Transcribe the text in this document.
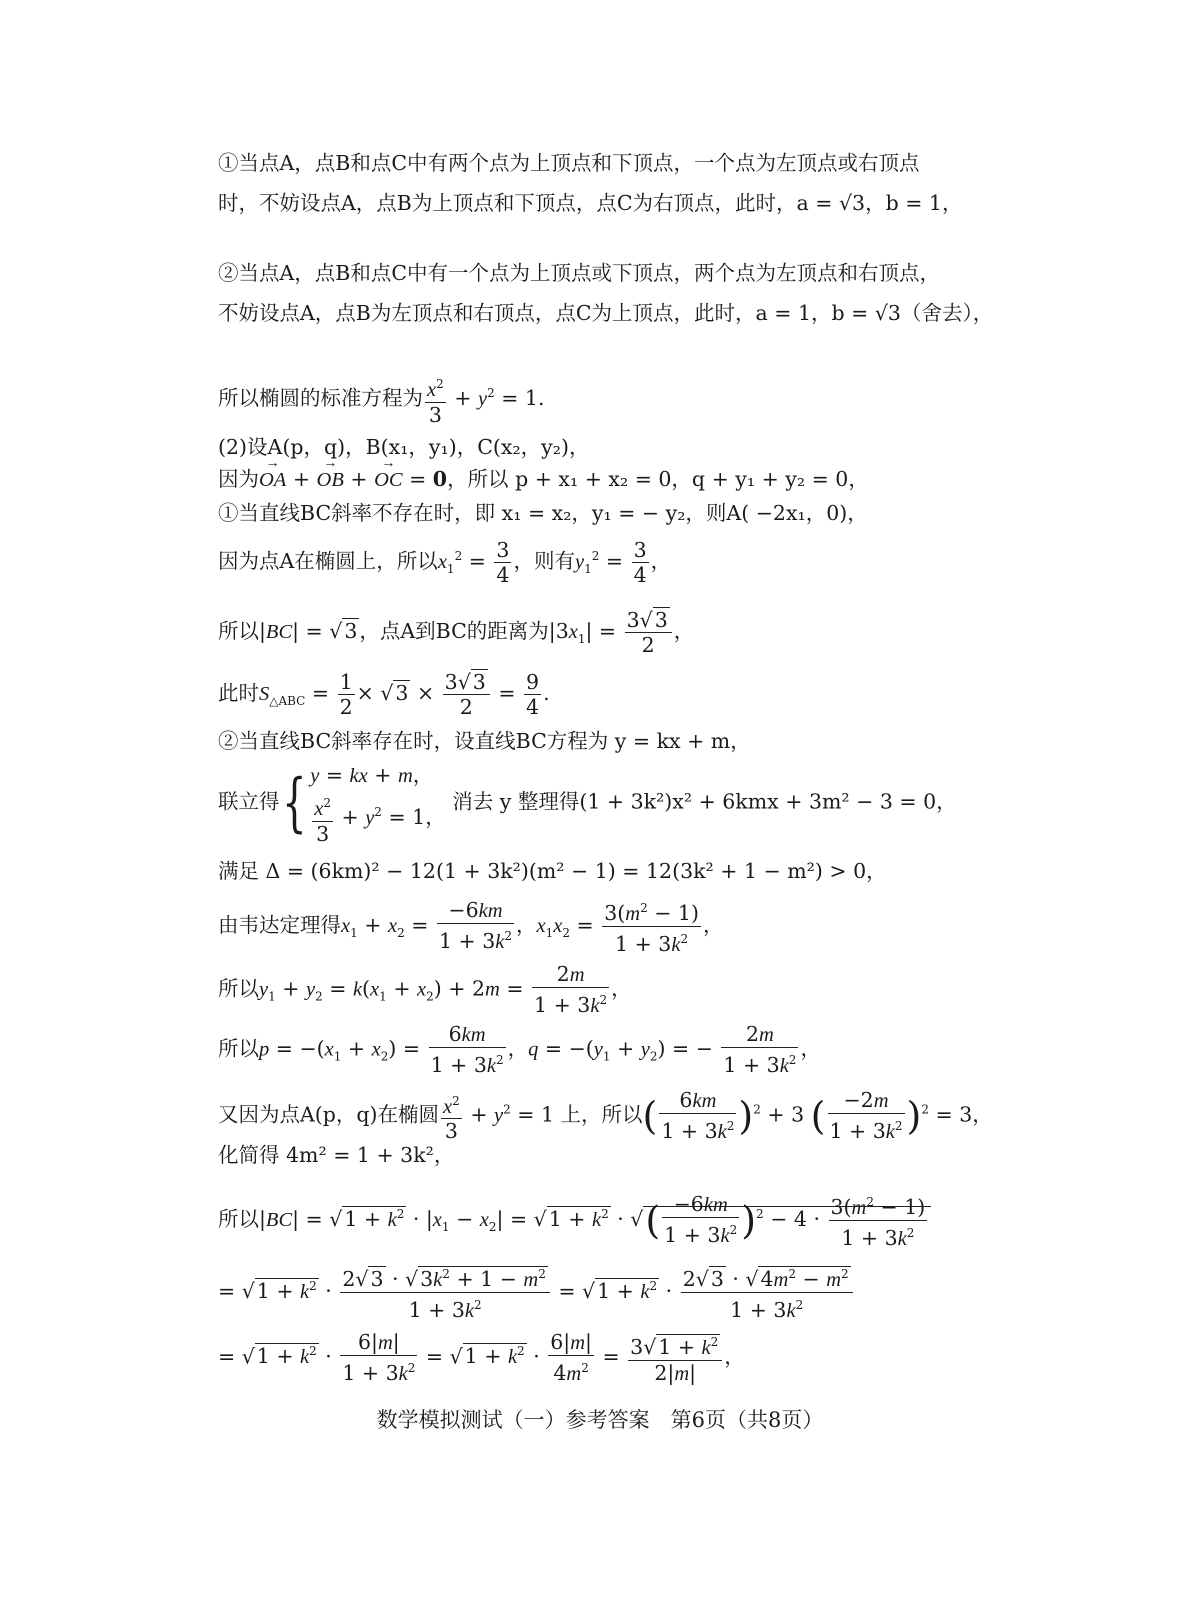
①当点A，点B和点C中有两个点为上顶点和下顶点，一个点为左顶点或右顶点
时，不妨设点A，点B为上顶点和下顶点，点C为右顶点，此时，a = √3，b = 1，
②当点A，点B和点C中有一个点为上顶点或下顶点，两个点为左顶点和右顶点，
不妨设点A，点B为左顶点和右顶点，点C为上顶点，此时，a = 1，b = √3（舍去），
所以椭圆的标准方程为 $\frac{x^2}{3} + y^2 = 1$.
(2)设A(p，q)，B(x₁，y₁)，C(x₂，y₂)，
因为→ OA + → OB + → OC = 0，所以 p + x₁ + x₂ = 0，q + y₁ + y₂ = 0，
①当直线BC斜率不存在时，即 x₁ = x₂，y₁ = − y₂，则A( −2x₁，0)，
因为点A在椭圆上，所以$x_1^2 = \frac{3}{4}$ ，则有$y_1^2 = \frac{3}{4}$ ，
所以|BC| = √3，点A到BC的距离为$|3x_1| = \frac{3√3}{2}$ ，
此时$S_{\triangle ABC} = \frac{1}{2} \times √3 \times \frac{3√3}{2} = \frac{9}{4}$ .
②当直线BC斜率存在时，设直线BC方程为 y = kx + m，
联立得{ y = kx + m，
$\frac{x^2}{3} + y^2 = 1$，
消去 y 整理得(1 + 3k²)x² + 6kmx + 3m² − 3 = 0，
满足 Δ = (6km)² − 12(1 + 3k²)(m² − 1) = 12(3k² + 1 − m²) > 0，
由韦达定理得$x_1 + x_2 = \frac{-6km}{1 + 3k^2}$ ，$x_1x_2 = \frac{3(m^2 - 1)}{1 + 3k^2}$ ，
所以$y_1 + y_2 = k(x_1 + x_2) + 2m = \frac{2m}{1 + 3k^2}$ ，
所以$p = -(x_1 + x_2) = \frac{6km}{1 + 3k^2}$ ，$q = -(y_1 + y_2)$ = − $\frac{2m}{1 + 3k^2}$ ，
又因为点A(p，q)在椭圆 $\frac{x^2}{3} + y^2 = 1$ 上，所以( $\frac{6km}{1 + 3k^2} )^2 + 3$ ( $\frac{-2m}{1 + 3k^2} )^2 = 3$，
化简得 4m² = 1 + 3k²，
所以$|BC| = √1 + k^2 \cdot |x_1 - x_2| = √1 + k^2$ · √( $\frac{-6km}{1 + 3k^2} )^2 - 4 \cdot \frac{3(m^2 - 1)}{1 + 3k^2}$
= $√1 + k^2 \cdot \frac{2√3 \cdot √3k^2 + 1 - m^2}{1 + 3k^2} = √1 + k^2 \cdot \frac{2√3 \cdot √4m^2 - m^2}{1 + 3k^2}$
= $√1 + k^2 \cdot \frac{6|m|}{1 + 3k^2} = √1 + k^2 \cdot \frac{6|m|}{4m^2} = \frac{3√1 + k^2}{2|m|}$ ，
数学模拟测试（一）参考答案　第6页（共8页）
